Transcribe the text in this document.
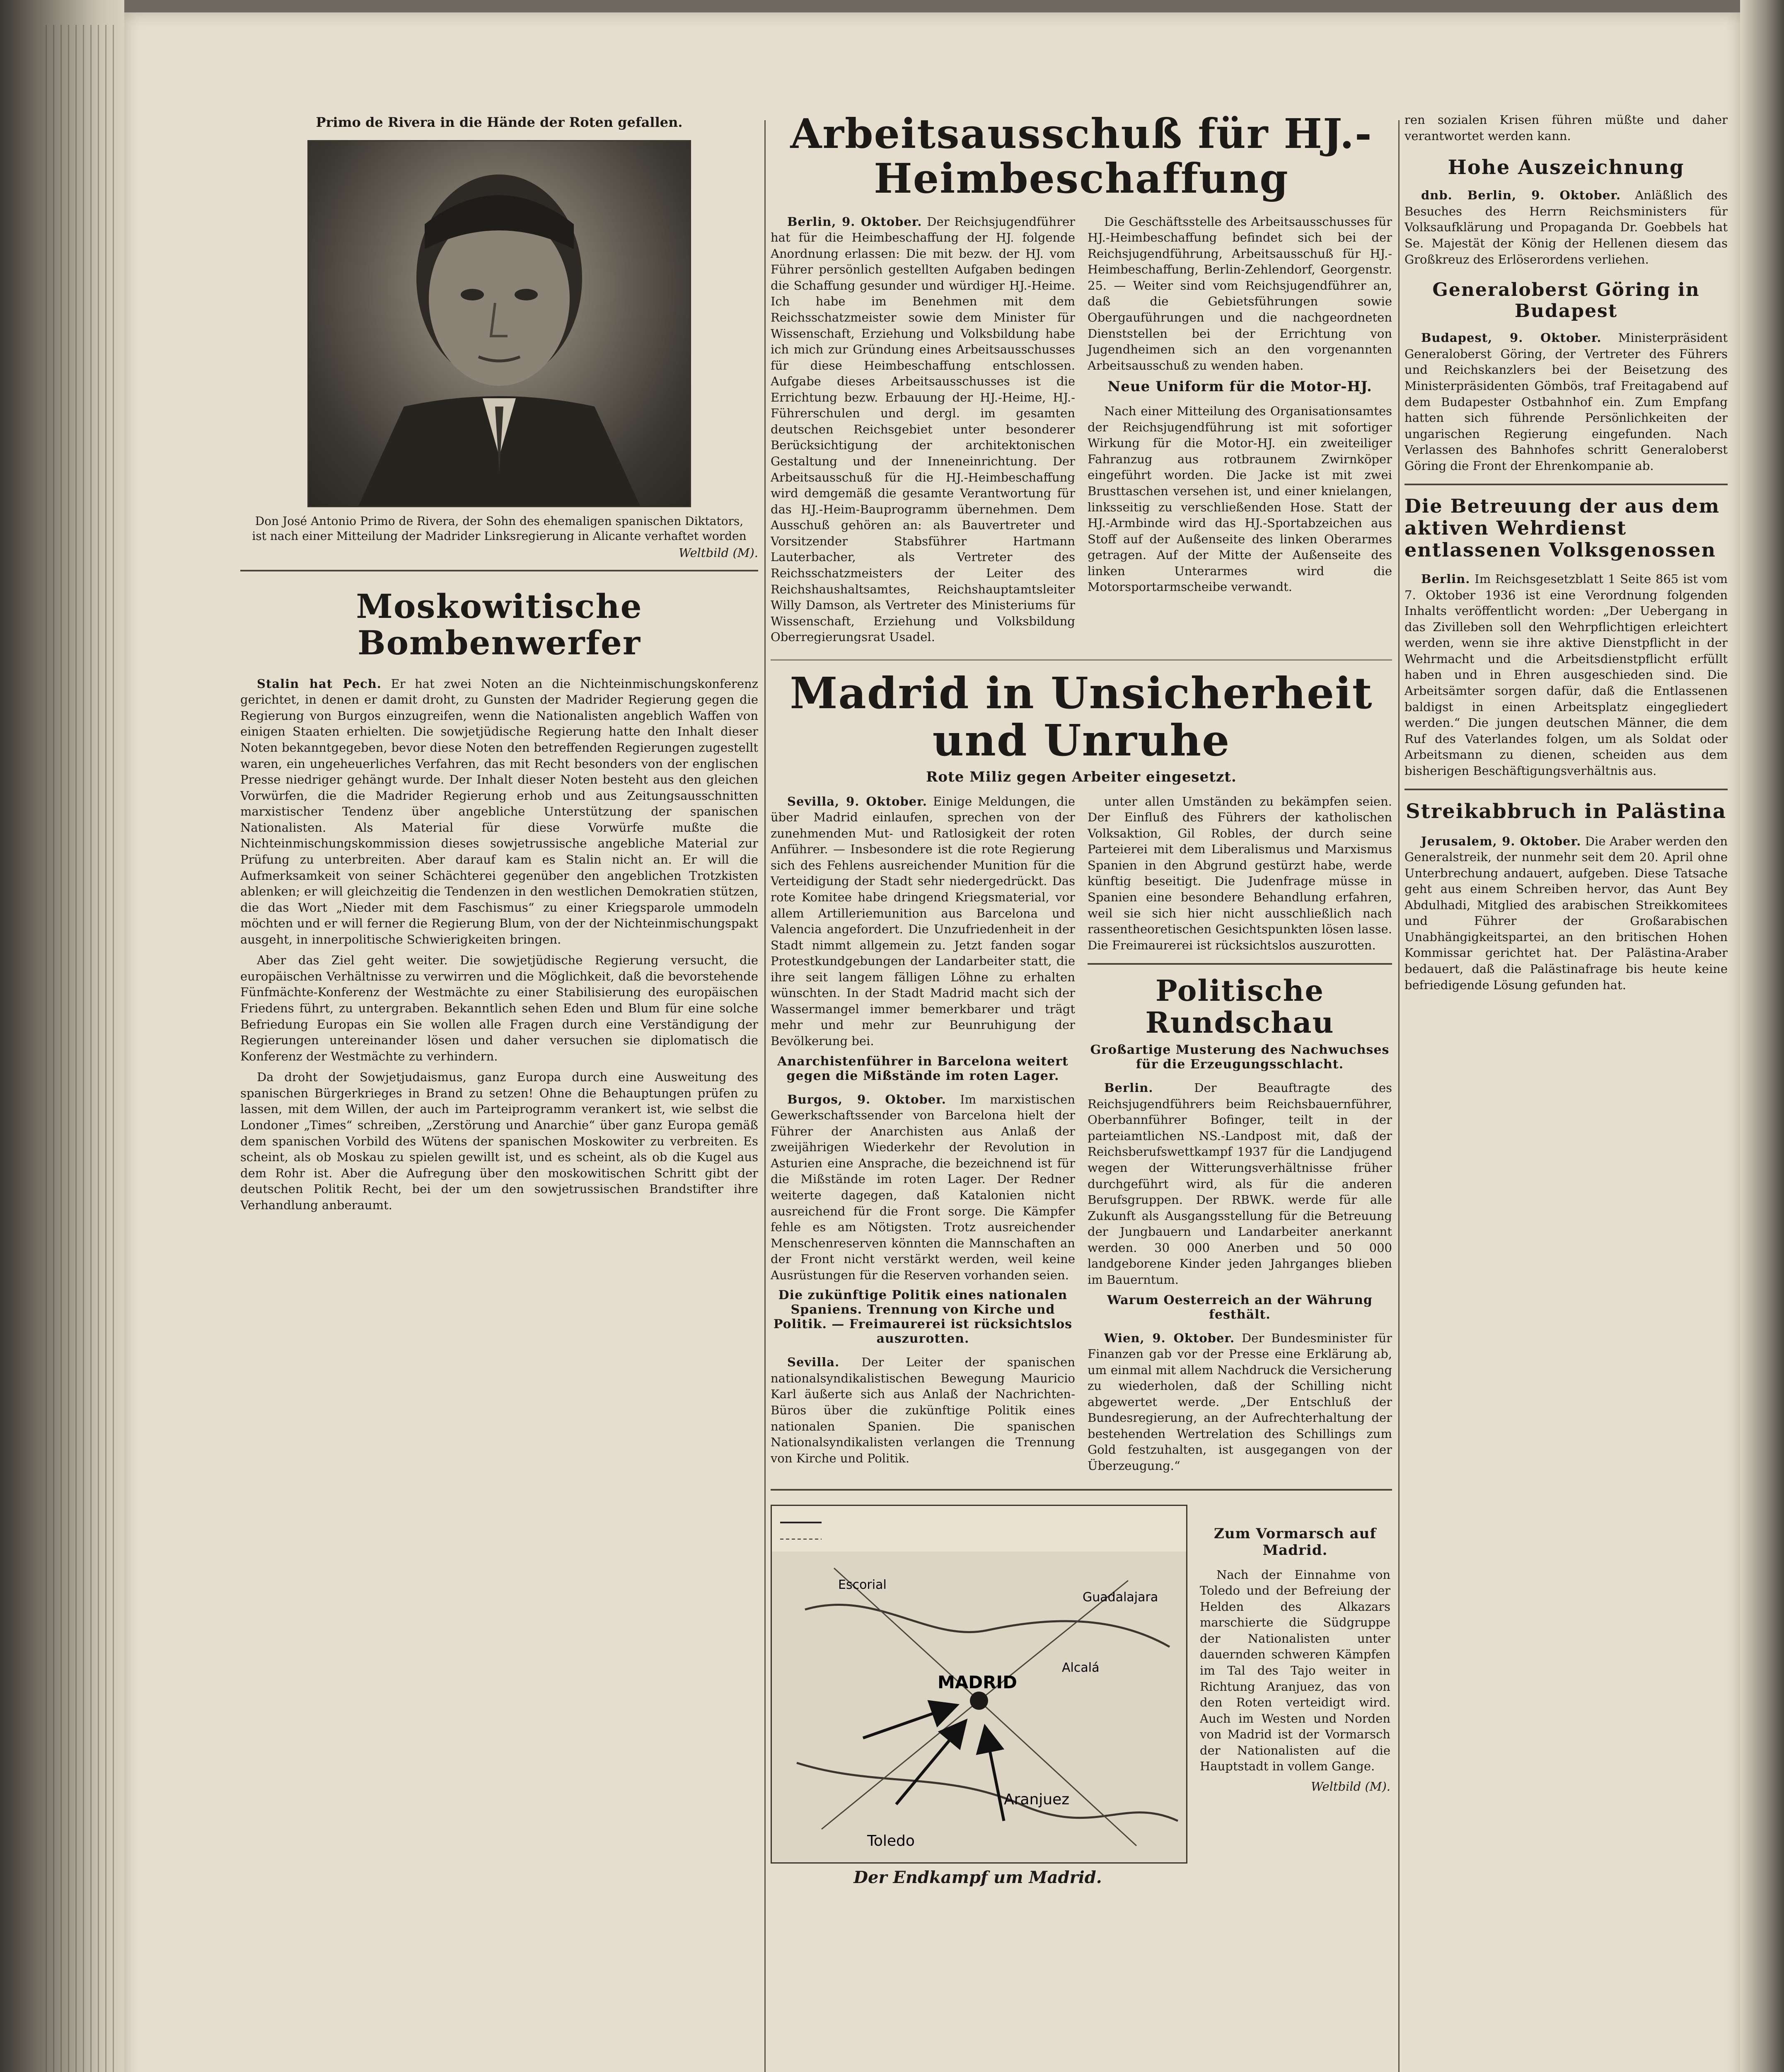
Primo de Rivera in die Hände der Roten gefallen.
Don José Antonio Primo de Rivera, der Sohn des ehemaligen spanischen Diktators, ist nach einer Mitteilung der Madrider Linksregierung in Alicante verhaftet worden
Weltbild (M).
Moskowitische Bombenwerfer

Stalin hat Pech. Er hat zwei Noten an die Nichteinmischungskonferenz gerichtet, in denen er damit droht, zu Gunsten der Madrider Regierung gegen die Regierung von Burgos einzugreifen, wenn die Nationalisten angeblich Waffen von einigen Staaten erhielten. Die sowjetjüdische Regierung hatte den Inhalt dieser Noten bekanntgegeben, bevor diese Noten den betreffenden Regierungen zugestellt waren, ein ungeheuerliches Verfahren, das mit Recht besonders von der englischen Presse niedriger gehängt wurde. Der Inhalt dieser Noten besteht aus den gleichen Vorwürfen, die die Madrider Regierung erhob und aus Zeitungsausschnitten marxistischer Tendenz über angebliche Unterstützung der spanischen Nationalisten. Als Material für diese Vorwürfe mußte die Nichteinmischungskommission dieses sowjetrussische angebliche Material zur Prüfung zu unterbreiten. Aber darauf kam es Stalin nicht an. Er will die Aufmerksamkeit von seiner Schächterei gegenüber den angeblichen Trotzkisten ablenken; er will gleichzeitig die Tendenzen in den westlichen Demokratien stützen, die das Wort „Nieder mit dem Faschismus“ zu einer Kriegsparole ummodeln möchten und er will ferner die Regierung Blum, von der der Nichteinmischungspakt ausgeht, in innerpolitische Schwierigkeiten bringen.

Aber das Ziel geht weiter. Die sowjetjüdische Regierung versucht, die europäischen Verhältnisse zu verwirren und die Möglichkeit, daß die bevorstehende Fünfmächte-Konferenz der Westmächte zu einer Stabilisierung des europäischen Friedens führt, zu untergraben. Bekanntlich sehen Eden und Blum für eine solche Befriedung Europas ein Sie wollen alle Fragen durch eine Verständigung der Regierungen untereinander lösen und daher versuchen sie diplomatisch die Konferenz der Westmächte zu verhindern.

Da droht der Sowjetjudaismus, ganz Europa durch eine Ausweitung des spanischen Bürgerkrieges in Brand zu setzen! Ohne die Behauptungen prüfen zu lassen, mit dem Willen, der auch im Parteiprogramm verankert ist, wie selbst die Londoner „Times“ schreiben, „Zerstörung und Anarchie“ über ganz Europa gemäß dem spanischen Vorbild des Wütens der spanischen Moskowiter zu verbreiten. Es scheint, als ob Moskau zu spielen gewillt ist, und es scheint, als ob die Kugel aus dem Rohr ist. Aber die Aufregung über den moskowitischen Schritt gibt der deutschen Politik Recht, bei der um den sowjetrussischen Brandstifter ihre Verhandlung anberaumt.

Arbeitsausschuß für HJ.-Heimbeschaffung

Berlin, 9. Oktober. Der Reichsjugendführer hat für die Heimbeschaffung der HJ. folgende Anordnung erlassen: Die mit bezw. der HJ. vom Führer persönlich gestellten Aufgaben bedingen die Schaffung gesunder und würdiger HJ.-Heime. Ich habe im Benehmen mit dem Reichsschatzmeister sowie dem Minister für Wissenschaft, Erziehung und Volksbildung habe ich mich zur Gründung eines Arbeitsausschusses für diese Heimbeschaffung entschlossen. Aufgabe dieses Arbeitsausschusses ist die Errichtung bezw. Erbauung der HJ.-Heime, HJ.-Führerschulen und dergl. im gesamten deutschen Reichsgebiet unter besonderer Berücksichtigung der architektonischen Gestaltung und der Inneneinrichtung. Der Arbeitsausschuß für die HJ.-Heimbeschaffung wird demgemäß die gesamte Verantwortung für das HJ.-Heim-Bauprogramm übernehmen. Dem Ausschuß gehören an: als Bauvertreter und Vorsitzender Stabsführer Hartmann Lauterbacher, als Vertreter des Reichsschatzmeisters der Leiter des Reichshaushaltsamtes, Reichshauptamtsleiter Willy Damson, als Vertreter des Ministeriums für Wissenschaft, Erziehung und Volksbildung Oberregierungsrat Usadel.

Die Geschäftsstelle des Arbeitsausschusses für HJ.-Heimbeschaffung befindet sich bei der Reichsjugendführung, Arbeitsausschuß für HJ.-Heimbeschaffung, Berlin-Zehlendorf, Georgenstr. 25. — Weiter sind vom Reichsjugendführer an, daß die Gebietsführungen sowie Obergauführungen und die nachgeordneten Dienststellen bei der Errichtung von Jugendheimen sich an den vorgenannten Arbeitsausschuß zu wenden haben.

Neue Uniform für die Motor-HJ.

Nach einer Mitteilung des Organisationsamtes der Reichsjugendführung ist mit sofortiger Wirkung für die Motor-HJ. ein zweiteiliger Fahranzug aus rotbraunem Zwirnköper eingeführt worden. Die Jacke ist mit zwei Brusttaschen versehen ist, und einer knielangen, linksseitig zu verschließenden Hose. Statt der HJ.-Armbinde wird das HJ.-Sportabzeichen aus Stoff auf der Außenseite des linken Oberarmes getragen. Auf der Mitte der Außenseite des linken Unterarmes wird die Motorsportarmscheibe verwandt.

Madrid in Unsicherheit und Unruhe
Rote Miliz gegen Arbeiter eingesetzt.

Sevilla, 9. Oktober. Einige Meldungen, die über Madrid einlaufen, sprechen von der zunehmenden Mut- und Ratlosigkeit der roten Anführer. — Insbesondere ist die rote Regierung sich des Fehlens ausreichender Munition für die Verteidigung der Stadt sehr niedergedrückt. Das rote Komitee habe dringend Kriegsmaterial, vor allem Artilleriemunition aus Barcelona und Valencia angefordert. Die Unzufriedenheit in der Stadt nimmt allgemein zu. Jetzt fanden sogar Protestkundgebungen der Landarbeiter statt, die ihre seit langem fälligen Löhne zu erhalten wünschten. In der Stadt Madrid macht sich der Wassermangel immer bemerkbarer und trägt mehr und mehr zur Beunruhigung der Bevölkerung bei.

Anarchistenführer in Barcelona weitert gegen die Mißstände im roten Lager.

Burgos, 9. Oktober. Im marxistischen Gewerkschaftssender von Barcelona hielt der Führer der Anarchisten aus Anlaß der zweijährigen Wiederkehr der Revolution in Asturien eine Ansprache, die bezeichnend ist für die Mißstände im roten Lager. Der Redner weiterte dagegen, daß Katalonien nicht ausreichend für die Front sorge. Die Kämpfer fehle es am Nötigsten. Trotz ausreichender Menschenreserven könnten die Mannschaften an der Front nicht verstärkt werden, weil keine Ausrüstungen für die Reserven vorhanden seien.

Die zukünftige Politik eines nationalen Spaniens. Trennung von Kirche und Politik. — Freimaurerei ist rücksichtslos auszurotten.

Sevilla. Der Leiter der spanischen nationalsyndikalistischen Bewegung Mauricio Karl äußerte sich aus Anlaß der Nachrichten-Büros über die zukünftige Politik eines nationalen Spanien. Die spanischen Nationalsyndikalisten verlangen die Trennung von Kirche und Politik.

unter allen Umständen zu bekämpfen seien. Der Einfluß des Führers der katholischen Volksaktion, Gil Robles, der durch seine Parteierei mit dem Liberalismus und Marxismus Spanien in den Abgrund gestürzt habe, werde künftig beseitigt. Die Judenfrage müsse in Spanien eine besondere Behandlung erfahren, weil sie sich hier nicht ausschließlich nach rassentheoretischen Gesichtspunkten lösen lasse. Die Freimaurerei ist rücksichtslos auszurotten.

Politische Rundschau
Großartige Musterung des Nachwuchses für die Erzeugungsschlacht.

Berlin.	Der Beauftragte des Reichsjugendführers beim Reichsbauernführer, Oberbannführer Bofinger, teilt in der parteiamtlichen NS.-Landpost mit, daß der Reichsberufswettkampf 1937 für die Landjugend wegen der Witterungsverhältnisse früher durchgeführt wird, als für die anderen Berufsgruppen. Der RBWK. werde für alle Zukunft als Ausgangsstellung für die Betreuung der Jungbauern und Landarbeiter anerkannt werden. 30 000 Anerben und 50 000 landgeborene Kinder jeden Jahrganges blieben im Bauerntum.

Warum Oesterreich an der Währung festhält.

Wien, 9. Oktober. Der Bundesminister für Finanzen gab vor der Presse eine Erklärung ab, um einmal mit allem Nachdruck die Versicherung zu wiederholen, daß der Schilling nicht abgewertet werde. „Der Entschluß der Bundesregierung, an der Aufrechterhaltung der bestehenden Wertrelation des Schillings zum Gold festzuhalten, ist ausgegangen von der Überzeugung.“

MADRID
Toledo
Aranjuez
Guadalajara
Escorial
Alcalá
Der Endkampf um Madrid.
Zum Vormarsch auf Madrid.

Nach der Einnahme von Toledo und der Befreiung der Helden des Alkazars marschierte die Südgruppe der Nationalisten unter dauernden schweren Kämpfen im Tal des Tajo weiter in Richtung Aranjuez, das von den Roten verteidigt wird. Auch im Westen und Norden von Madrid ist der Vormarsch der Nationalisten auf die Hauptstadt in vollem Gange.

Weltbild (M).

ren sozialen Krisen führen müßte und daher verantwortet werden kann.

Hohe Auszeichnung

dnb. Berlin, 9. Oktober. Anläßlich des Besuches des Herrn Reichsministers für Volksaufklärung und Propaganda Dr. Goebbels hat Se. Majestät der König der Hellenen diesem das Großkreuz des Erlöserordens verliehen.

Generaloberst Göring in Budapest

Budapest, 9. Oktober. Ministerpräsident Generaloberst Göring, der Vertreter des Führers und Reichskanzlers bei der Beisetzung des Ministerpräsidenten Gömbös, traf Freitagabend auf dem Budapester Ostbahnhof ein. Zum Empfang hatten sich führende Persönlichkeiten der ungarischen Regierung eingefunden. Nach Verlassen des Bahnhofes schritt Generaloberst Göring die Front der Ehrenkompanie ab.

Die Betreuung der aus dem aktiven Wehrdienst entlassenen Volksgenossen

Berlin. Im Reichsgesetzblatt 1 Seite 865 ist vom 7. Oktober 1936 ist eine Verordnung folgenden Inhalts veröffentlicht worden: „Der Uebergang in das Zivilleben soll den Wehrpflichtigen erleichtert werden, wenn sie ihre aktive Dienstpflicht in der Wehrmacht und die Arbeitsdienstpflicht erfüllt haben und in Ehren ausgeschieden sind. Die Arbeitsämter sorgen dafür, daß die Entlassenen baldigst in einen Arbeitsplatz eingegliedert werden.“ Die jungen deutschen Männer, die dem Ruf des Vaterlandes folgen, um als Soldat oder Arbeitsmann zu dienen, scheiden aus dem bisherigen Beschäftigungsverhältnis aus.

Streikabbruch in Palästina

Jerusalem, 9. Oktober. Die Araber werden den Generalstreik, der nunmehr seit dem 20. April ohne Unterbrechung andauert, aufgeben. Diese Tatsache geht aus einem Schreiben hervor, das Aunt Bey Abdulhadi, Mitglied des arabischen Streikkomitees und Führer der Großarabischen Unabhängigkeitspartei, an den britischen Hohen Kommissar gerichtet hat. Der Palästina-Araber bedauert, daß die Palästinafrage bis heute keine befriedigende Lösung gefunden hat.
